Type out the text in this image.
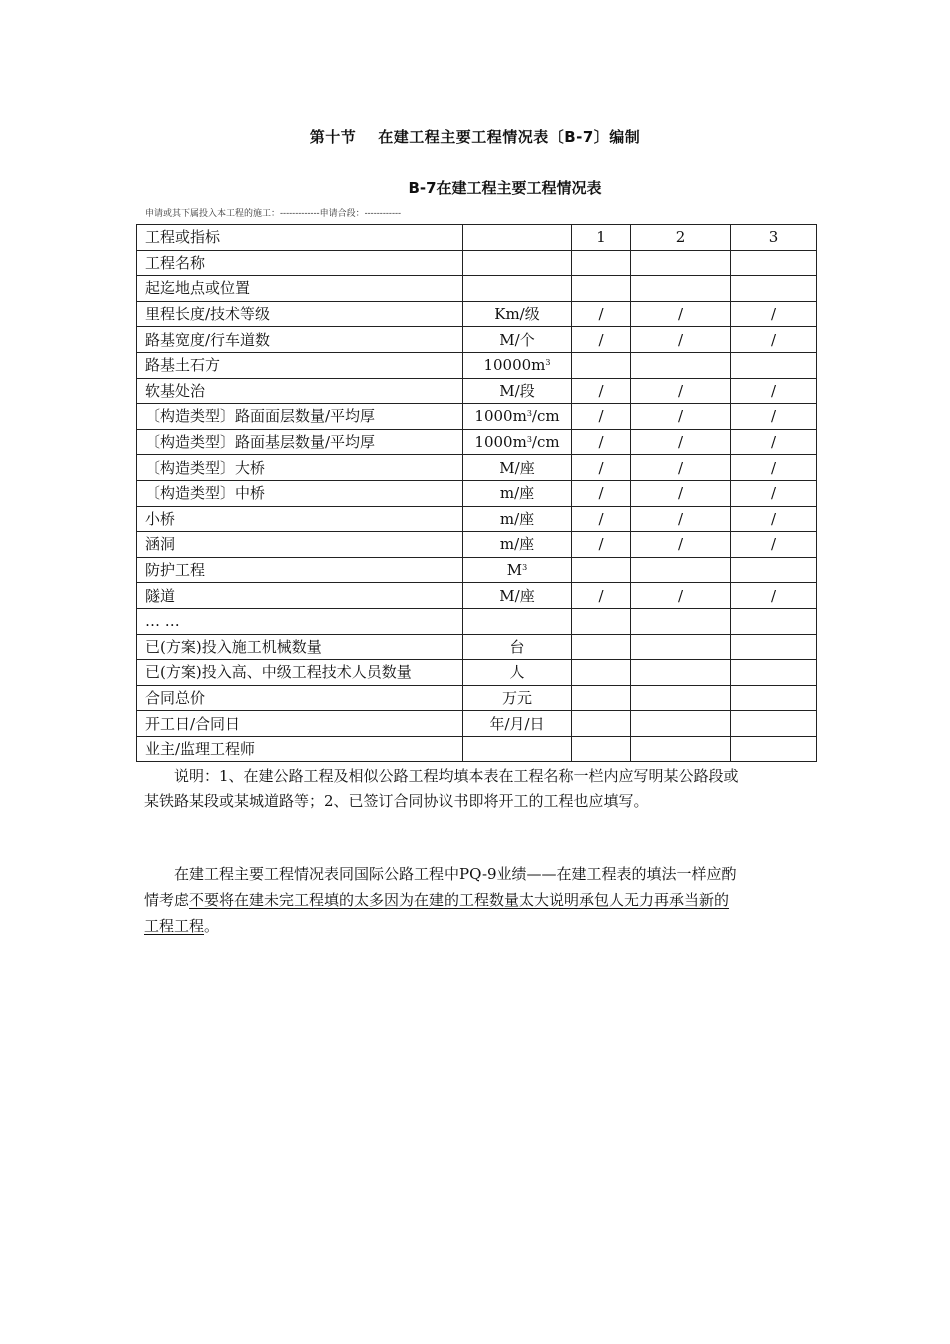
第十节 在建工程主要工程情况表〔B-7〕编制
B-7在建工程主要工程情况表
申请或其下属投入本工程的施工：-------------申请合段：------------
工程或指标		1	2	3
工程名称				
起迄地点或位置				
里程长度/技术等级	Km/级	/	/	/
路基宽度/行车道数	M/个	/	/	/
路基土石方	$10000m^3$			
软基处治	M/段	/	/	/
〔构造类型〕路面面层数量/平均厚	$1000m^3/cm$	/	/	/
〔构造类型〕路面基层数量/平均厚	$1000m^3/cm$	/	/	/
〔构造类型〕大桥	M/座	/	/	/
〔构造类型〕中桥	m/座	/	/	/
小桥	m/座	/	/	/
涵洞	m/座	/	/	/
防护工程	$M^3$			
隧道	M/座	/	/	/
… …				
已(方案)投入施工机械数量	台			
已(方案)投入高、中级工程技术人员数量	人			
合同总价	万元			
开工日/合同日	年/月/日			
业主/监理工程师				
说明：1、在建公路工程及相似公路工程均填本表在工程名称一栏内应写明某公路段或
某铁路某段或某城道路等；2、已签订合同协议书即将开工的工程也应填写。
在建工程主要工程情况表同国际公路工程中PQ-9业绩——在建工程表的填法一样应酌
情考虑不要将在建未完工程填的太多因为在建的工程数量太大说明承包人无力再承当新的
工程工程。
